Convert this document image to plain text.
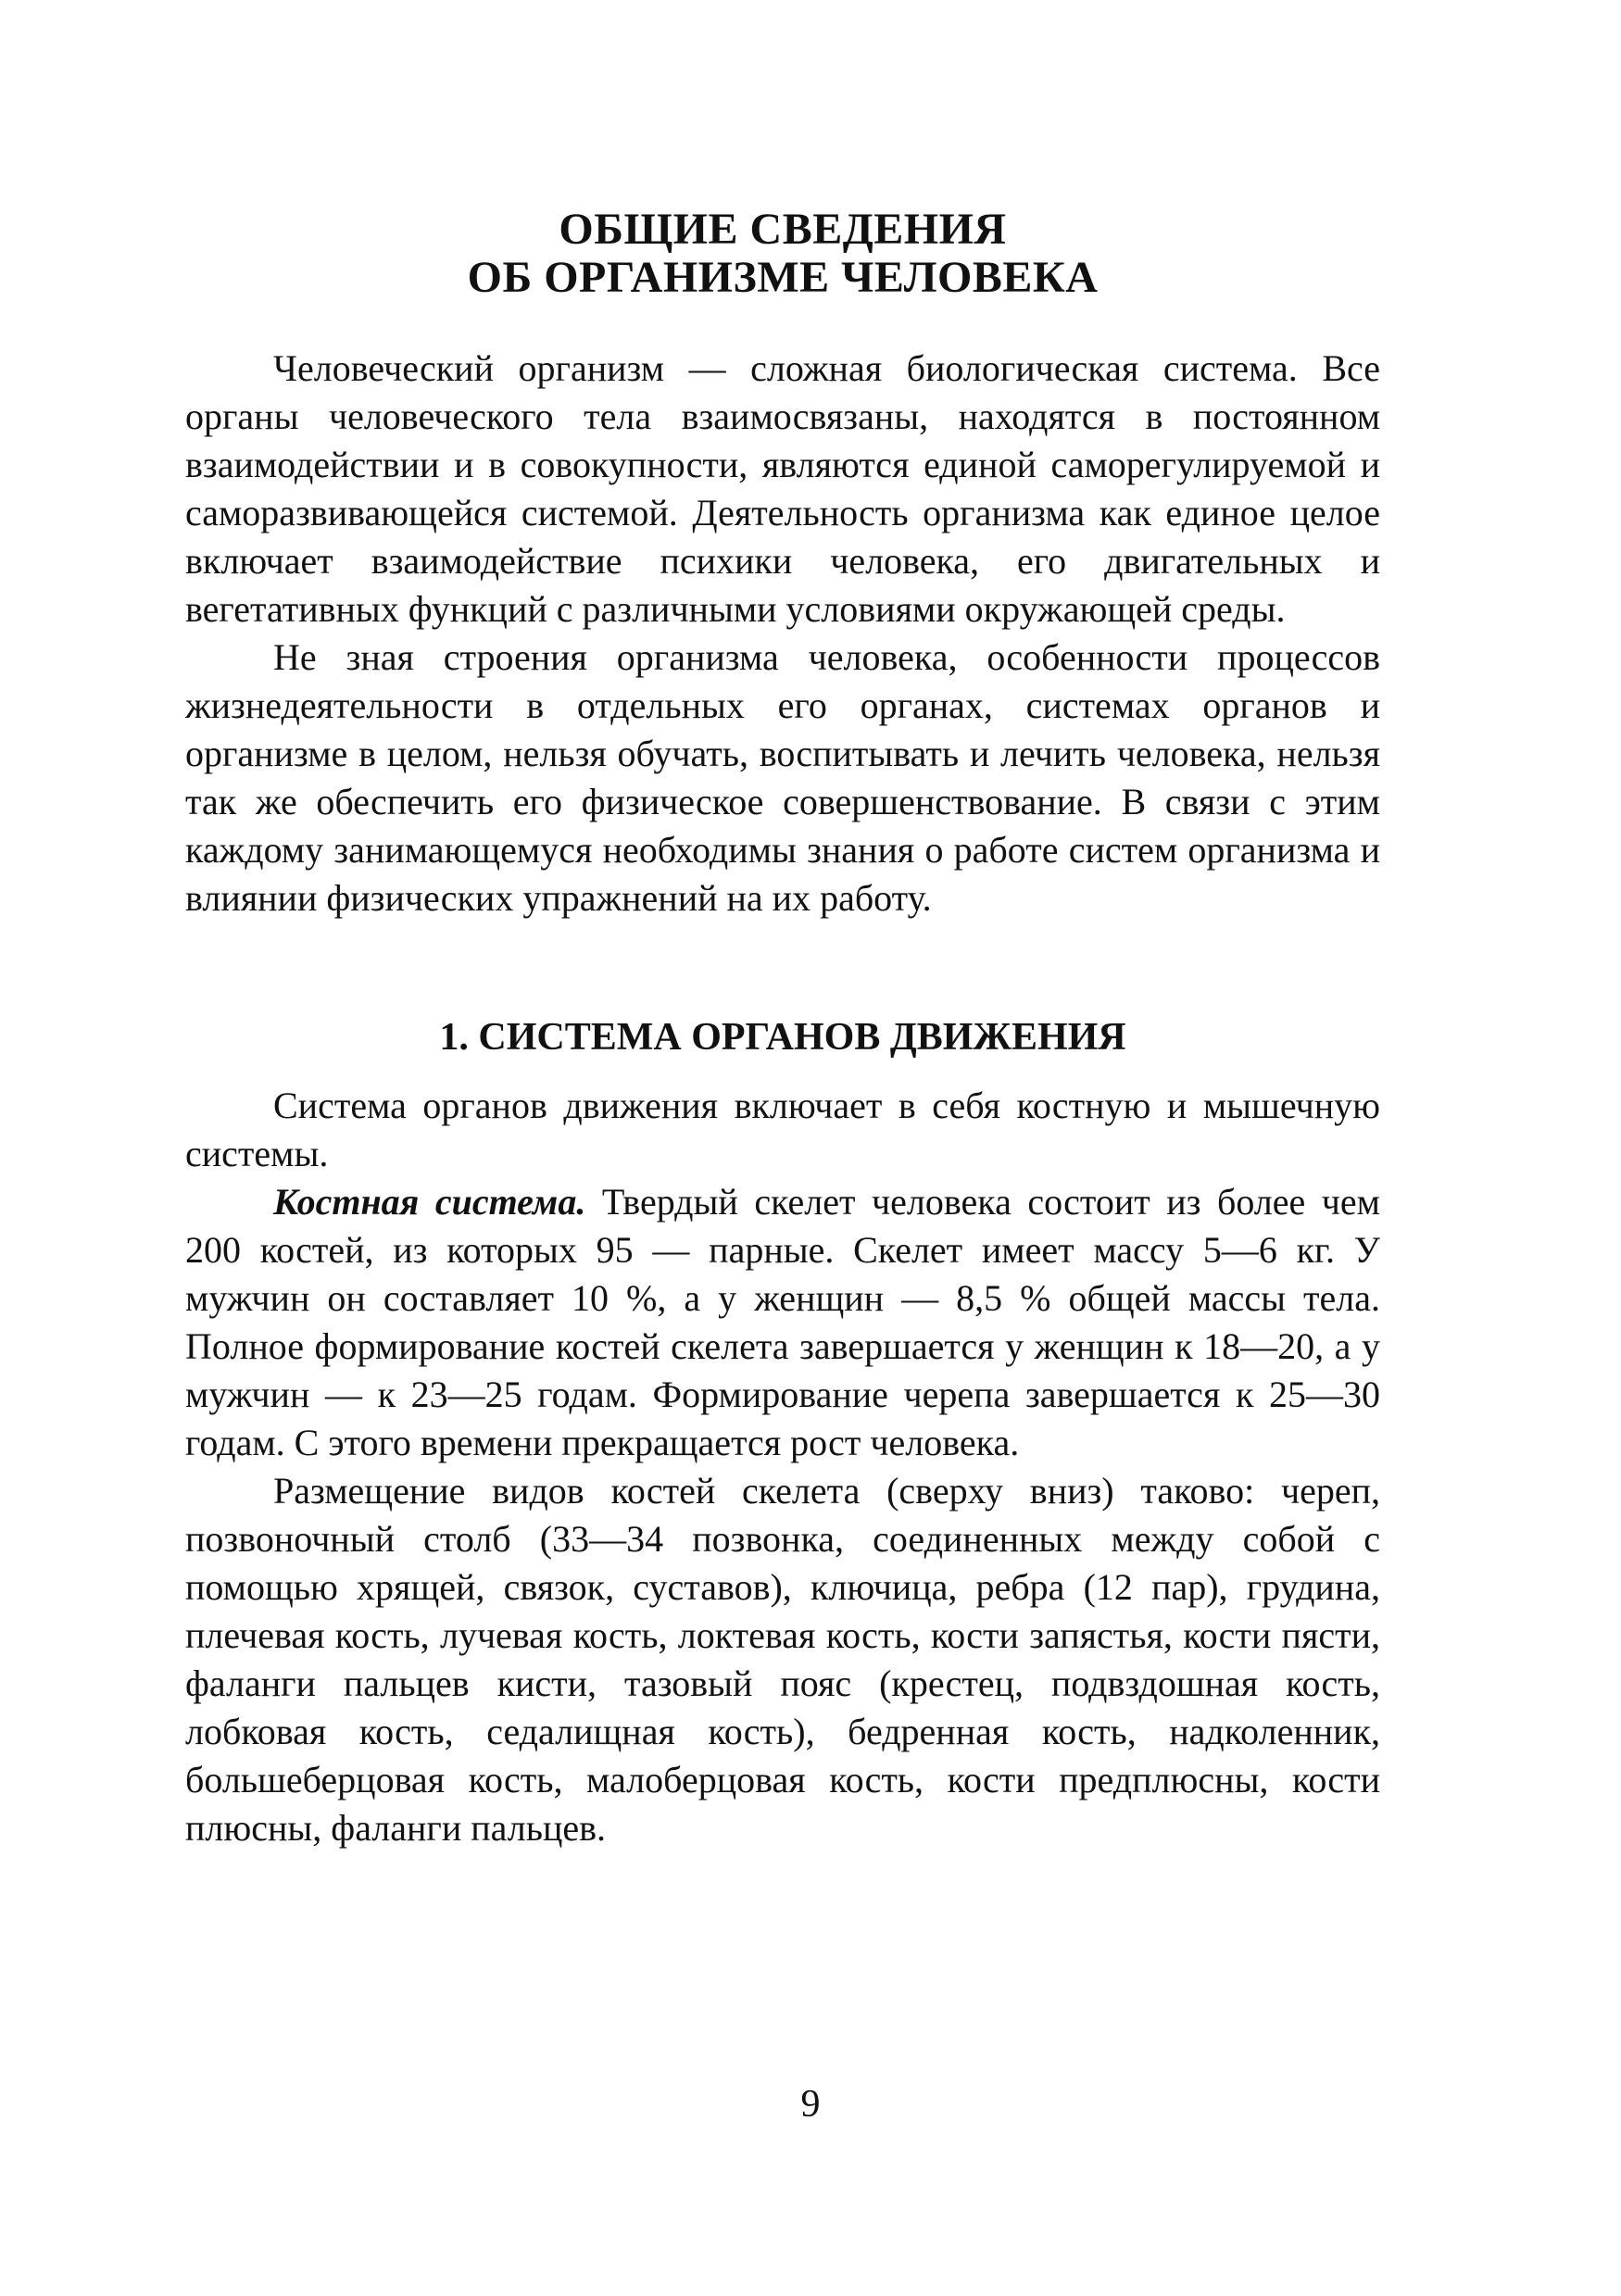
ОБЩИЕ СВЕДЕНИЯ
ОБ ОРГАНИЗМЕ ЧЕЛОВЕКА

Человеческий организм — сложная биологическая система. Все органы человеческого тела взаимосвязаны, находятся в постоянном взаимодействии и в совокупности, являются единой саморегулируемой и саморазвивающейся системой. Деятельность организма как единое целое включает взаимодействие психики человека, его двигательных и вегетативных функций с различными условиями окружающей среды.

Не зная строения организма человека, особенности процессов жизнедеятельности в отдельных его органах, системах органов и организме в целом, нельзя обучать, воспитывать и лечить человека, нельзя так же обеспечить его физическое совершенствование. В связи с этим каждому занимающемуся необходимы знания о работе систем организма и влиянии физических упражнений на их работу.

1. СИСТЕМА ОРГАНОВ ДВИЖЕНИЯ

Система органов движения включает в себя костную и мышечную системы.

Костная система. Твердый скелет человека состоит из более чем 200 костей, из которых 95 — парные. Скелет имеет массу 5—6 кг. У мужчин он составляет 10 %, а у женщин — 8,5 % общей массы тела. Полное формирование костей скелета завершается у женщин к 18—20, а у мужчин — к 23—25 годам. Формирование черепа завершается к 25—30 годам. С этого времени прекращается рост человека.

Размещение видов костей скелета (сверху вниз) таково: череп, позвоночный столб (33—34 позвонка, соединенных между собой с помощью хрящей, связок, суставов), ключица, ребра (12 пар), грудина, плечевая кость, лучевая кость, локтевая кость, кости запястья, кости пясти, фаланги пальцев кисти, тазовый пояс (крестец, подвздошная кость, лобковая кость, седалищная кость), бедренная кость, надколенник, большеберцовая кость, малоберцовая кость, кости предплюсны, кости плюсны, фаланги пальцев.

9
